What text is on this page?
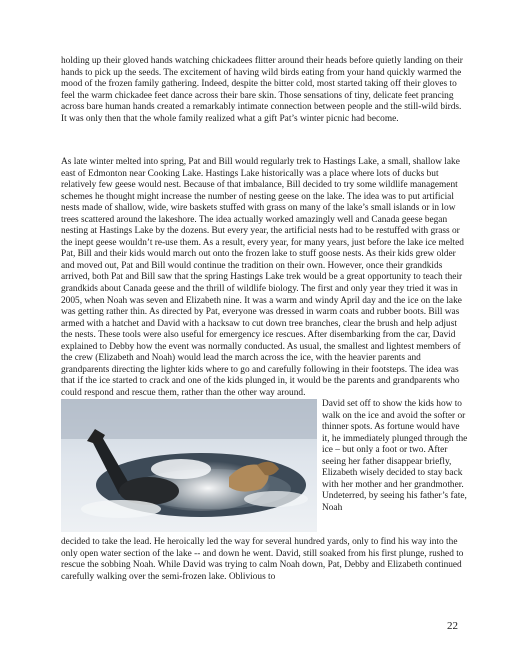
holding up their gloved hands watching chickadees flitter around their heads before quietly landing on their hands to pick up the seeds. The excitement of having wild birds eating from your hand quickly warmed the mood of the frozen family gathering. Indeed, despite the bitter cold, most started taking off their gloves to feel the warm chickadee feet dance across their bare skin. Those sensations of tiny, delicate feet prancing across bare human hands created a remarkably intimate connection between people and the still-wild birds. It was only then that the whole family realized what a gift Pat’s winter picnic had become.

As late winter melted into spring, Pat and Bill would regularly trek to Hastings Lake, a small, shallow lake east of Edmonton near Cooking Lake. Hastings Lake historically was a place where lots of ducks but relatively few geese would nest. Because of that imbalance, Bill decided to try some wildlife management schemes he thought might increase the number of nesting geese on the lake. The idea was to put artificial nests made of shallow, wide, wire baskets stuffed with grass on many of the lake’s small islands or in low trees scattered around the lakeshore. The idea actually worked amazingly well and Canada geese began nesting at Hastings Lake by the dozens. But every year, the artificial nests had to be restuffed with grass or the inept geese wouldn’t re-use them. As a result, every year, for many years, just before the lake ice melted Pat, Bill and their kids would march out onto the frozen lake to stuff goose nests. As their kids grew older and moved out, Pat and Bill would continue the tradition on their own. However, once their grandkids arrived, both Pat and Bill saw that the spring Hastings Lake trek would be a great opportunity to teach their grandkids about Canada geese and the thrill of wildlife biology. The first and only year they tried it was in 2005, when Noah was seven and Elizabeth nine. It was a warm and windy April day and the ice on the lake was getting rather thin. As directed by Pat, everyone was dressed in warm coats and rubber boots. Bill was armed with a hatchet and David with a hacksaw to cut down tree branches, clear the brush and help adjust the nests. These tools were also useful for emergency ice rescues. After disembarking from the car, David explained to Debby how the event was normally conducted. As usual, the smallest and lightest members of the crew (Elizabeth and Noah) would lead the march across the ice, with the heavier parents and grandparents directing the lighter kids where to go and carefully following in their footsteps. The idea was that if the ice started to crack and one of the kids plunged in, it would be the parents and grandparents who could respond and rescue them, rather than the other way around.

David set off to show the kids how to walk on the ice and avoid the softer or thinner spots. As fortune would have it, he immediately plunged through the ice – but only a foot or two. After seeing her father disappear briefly, Elizabeth wisely decided to stay back with her mother and her grandmother. Undeterred, by seeing his father’s fate, Noah

decided to take the lead. He heroically led the way for several hundred yards, only to find his way into the only open water section of the lake -- and down he went. David, still soaked from his first plunge, rushed to rescue the sobbing Noah. While David was trying to calm Noah down, Pat, Debby and Elizabeth continued carefully walking over the semi-frozen lake. Oblivious to

22
